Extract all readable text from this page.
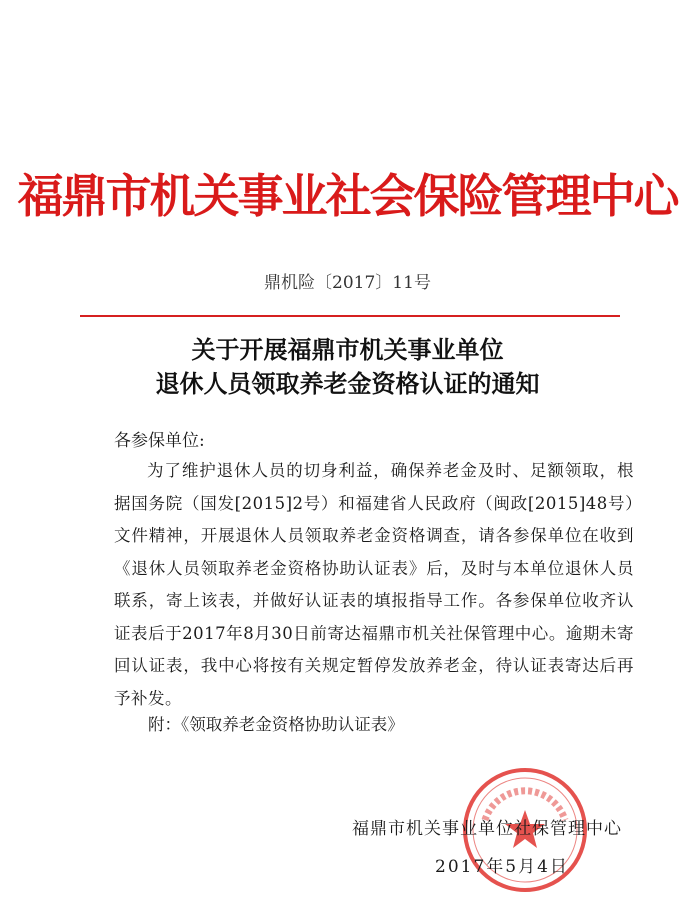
福鼎市机关事业社会保险管理中心
鼎机险〔2017〕11号
关于开展福鼎市机关事业单位
退休人员领取养老金资格认证的通知
各参保单位:

为了维护退休人员的切身利益，确保养老金及时、足额领取，根据国务院（国发[2015]2号）和福建省人民政府（闽政[2015]48号）文件精神，开展退休人员领取养老金资格调查，请各参保单位在收到《退休人员领取养老金资格协助认证表》后，及时与本单位退休人员联系，寄上该表，并做好认证表的填报指导工作。各参保单位收齐认证表后于2017年8月30日前寄达福鼎市机关社保管理中心。逾期未寄回认证表，我中心将按有关规定暂停发放养老金，待认证表寄达后再予补发。

附：《领取养老金资格协助认证表》
福鼎市机关事业单位社保管理中心
2017年5月4日
